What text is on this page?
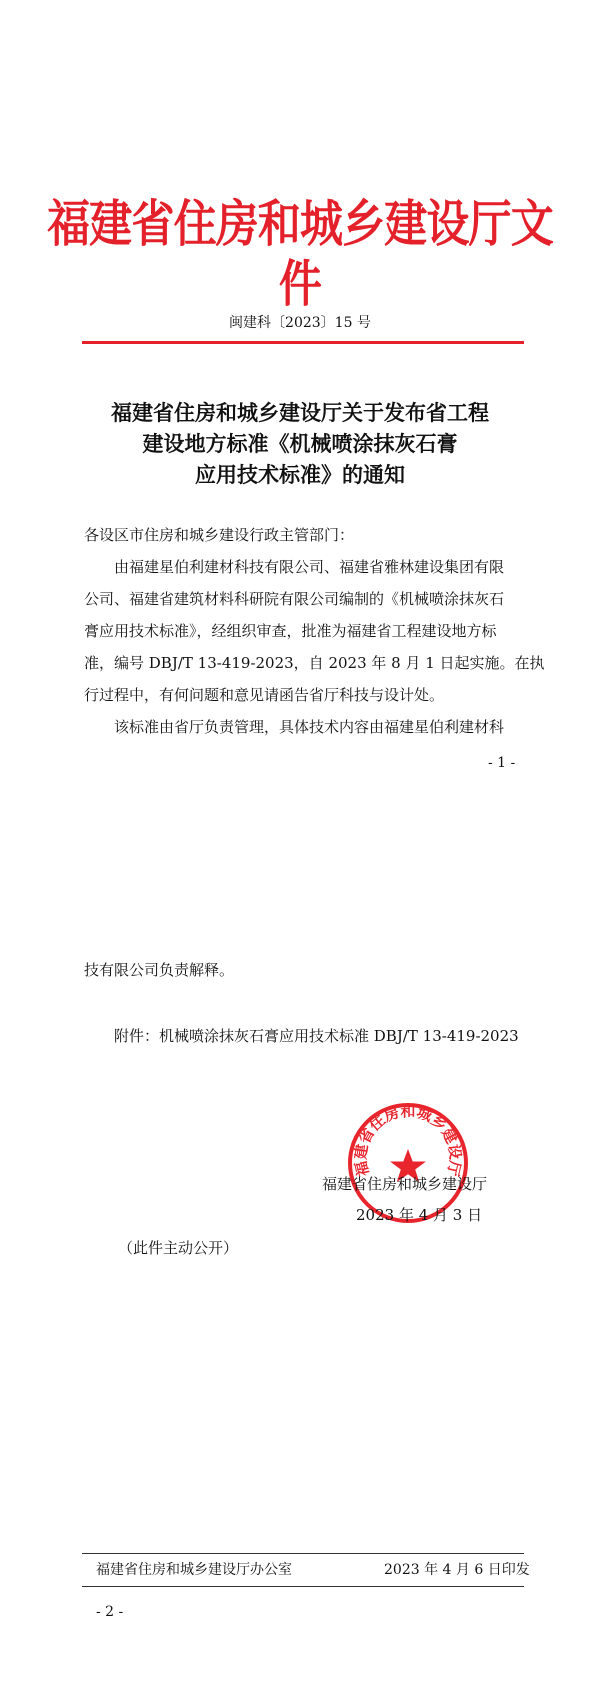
福建省住房和城乡建设厅文件
闽建科〔2023〕15 号
福建省住房和城乡建设厅关于发布省工程
建设地方标准《机械喷涂抹灰石膏
应用技术标准》的通知
各设区市住房和城乡建设行政主管部门：
由福建星伯利建材科技有限公司、福建省雅林建设集团有限
公司、福建省建筑材料科研院有限公司编制的《机械喷涂抹灰石
膏应用技术标准》，经组织审查，批准为福建省工程建设地方标
准，编号 DBJ/T 13-419-2023，自 2023 年 8 月 1 日起实施。在执
行过程中，有何问题和意见请函告省厅科技与设计处。
该标准由省厅负责管理，具体技术内容由福建星伯利建材科
- 1 -
技有限公司负责解释。
附件：机械喷涂抹灰石膏应用技术标准 DBJ/T 13-419-2023
福建省住房和城乡建设厅
福建省住房和城乡建设厅
2023 年 4 月 3 日
（此件主动公开）
福建省住房和城乡建设厅办公室	2023 年 4 月 6 日印发
- 2 -
